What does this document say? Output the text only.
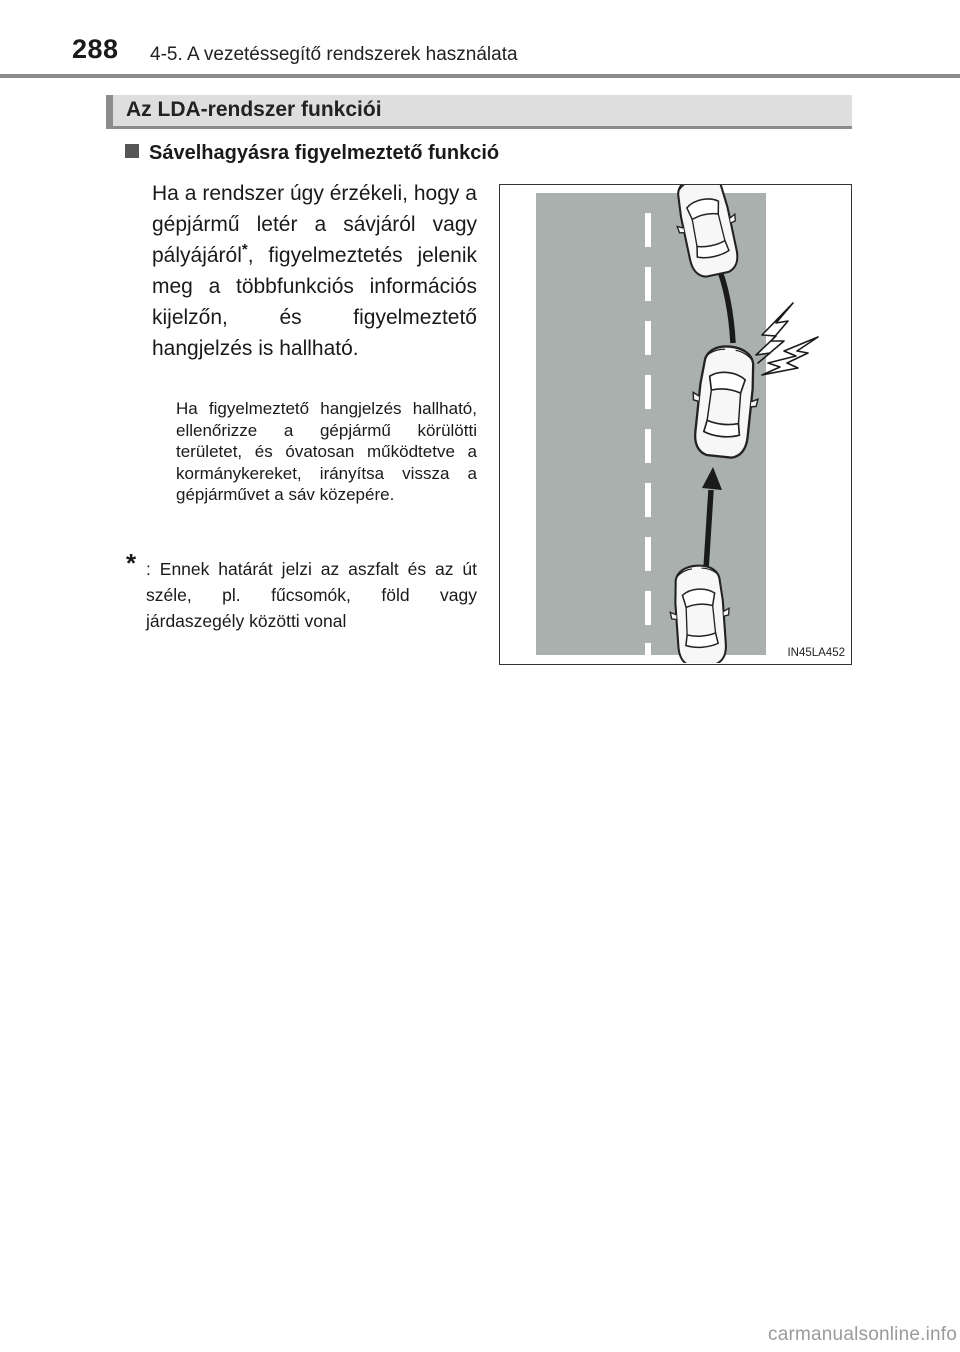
288 4-5. A vezetéssegítő rendszerek használata
Az LDA-rendszer funkciói
Sávelhagyásra figyelmeztető funkció
Ha a rendszer úgy érzékeli, hogy a gépjármű letér a sávjáról vagy pályájáról*, figyelmeztetés jelenik meg a többfunkciós információs kijelzőn, és figyelmeztető hangjelzés is hallható.
Ha figyelmeztető hangjelzés hallható, ellenőrizze a gépjármű körülötti területet, és óvatosan működtetve a kormánykereket, irányítsa vissza a gépjárművet a sáv közepére.
* : Ennek határát jelzi az aszfalt és az út széle, pl. fűcsomók, föld vagy járdaszegély közötti vonal
IN45LA452
carmanualsonline.info
